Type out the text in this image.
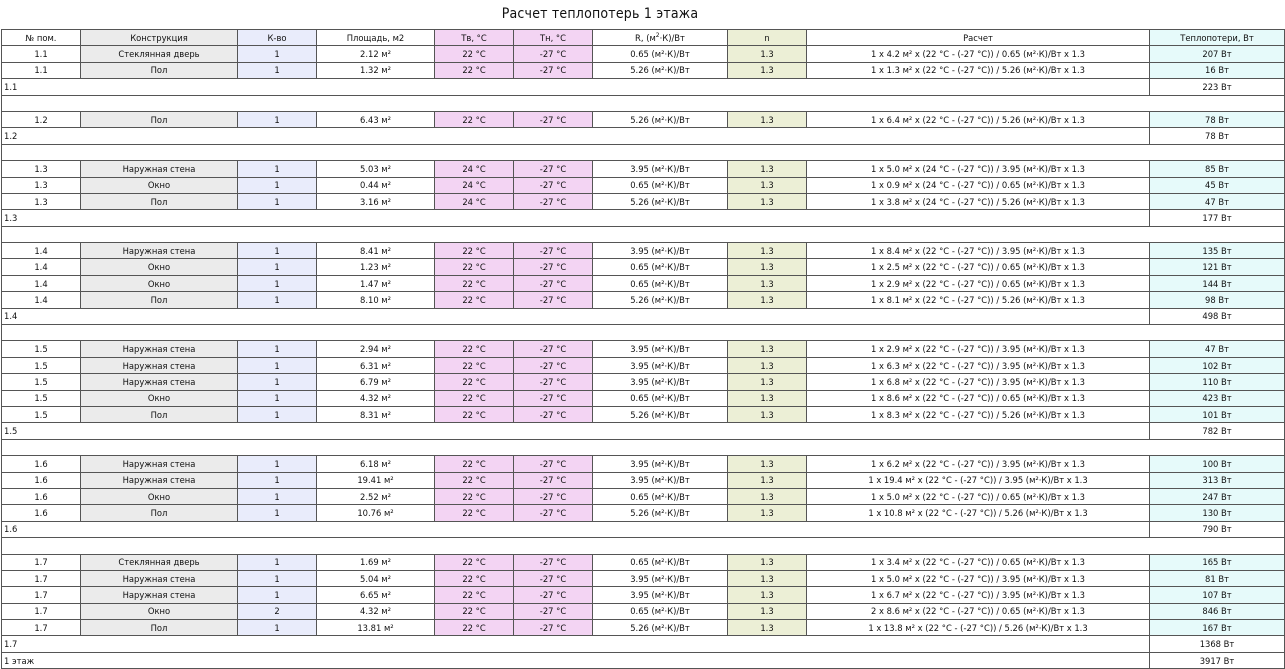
Расчет теплопотерь 1 этажа
№ пом.	Конструкция	К-во	Площадь, м2	Тв, °С	Тн, °С	R, $(м^2\cdot К)/Вт$	n	Расчет	Теплопотери, Вт
1.1	Стеклянная дверь	1	2.12 м²	22 °С	-27 °С	0.65 (м²·К)/Вт	1.3	1 x 4.2 м² x (22 °С - (-27 °С)) / 0.65 (м²·К)/Вт x 1.3	207 Вт
1.1	Пол	1	1.32 м²	22 °С	-27 °С	5.26 (м²·К)/Вт	1.3	1 x 1.3 м² x (22 °С - (-27 °С)) / 5.26 (м²·К)/Вт x 1.3	16 Вт
1.1									223 Вт

1.2	Пол	1	6.43 м²	22 °С	-27 °С	5.26 (м²·К)/Вт	1.3	1 x 6.4 м² x (22 °С - (-27 °С)) / 5.26 (м²·К)/Вт x 1.3	78 Вт
1.2									78 Вт

1.3	Наружная стена	1	5.03 м²	24 °С	-27 °С	3.95 (м²·К)/Вт	1.3	1 x 5.0 м² x (24 °С - (-27 °С)) / 3.95 (м²·К)/Вт x 1.3	85 Вт
1.3	Окно	1	0.44 м²	24 °С	-27 °С	0.65 (м²·К)/Вт	1.3	1 x 0.9 м² x (24 °С - (-27 °С)) / 0.65 (м²·К)/Вт x 1.3	45 Вт
1.3	Пол	1	3.16 м²	24 °С	-27 °С	5.26 (м²·К)/Вт	1.3	1 x 3.8 м² x (24 °С - (-27 °С)) / 5.26 (м²·К)/Вт x 1.3	47 Вт
1.3									177 Вт

1.4	Наружная стена	1	8.41 м²	22 °С	-27 °С	3.95 (м²·К)/Вт	1.3	1 x 8.4 м² x (22 °С - (-27 °С)) / 3.95 (м²·К)/Вт x 1.3	135 Вт
1.4	Окно	1	1.23 м²	22 °С	-27 °С	0.65 (м²·К)/Вт	1.3	1 x 2.5 м² x (22 °С - (-27 °С)) / 0.65 (м²·К)/Вт x 1.3	121 Вт
1.4	Окно	1	1.47 м²	22 °С	-27 °С	0.65 (м²·К)/Вт	1.3	1 x 2.9 м² x (22 °С - (-27 °С)) / 0.65 (м²·К)/Вт x 1.3	144 Вт
1.4	Пол	1	8.10 м²	22 °С	-27 °С	5.26 (м²·К)/Вт	1.3	1 x 8.1 м² x (22 °С - (-27 °С)) / 5.26 (м²·К)/Вт x 1.3	98 Вт
1.4									498 Вт

1.5	Наружная стена	1	2.94 м²	22 °С	-27 °С	3.95 (м²·К)/Вт	1.3	1 x 2.9 м² x (22 °С - (-27 °С)) / 3.95 (м²·К)/Вт x 1.3	47 Вт
1.5	Наружная стена	1	6.31 м²	22 °С	-27 °С	3.95 (м²·К)/Вт	1.3	1 x 6.3 м² x (22 °С - (-27 °С)) / 3.95 (м²·К)/Вт x 1.3	102 Вт
1.5	Наружная стена	1	6.79 м²	22 °С	-27 °С	3.95 (м²·К)/Вт	1.3	1 x 6.8 м² x (22 °С - (-27 °С)) / 3.95 (м²·К)/Вт x 1.3	110 Вт
1.5	Окно	1	4.32 м²	22 °С	-27 °С	0.65 (м²·К)/Вт	1.3	1 x 8.6 м² x (22 °С - (-27 °С)) / 0.65 (м²·К)/Вт x 1.3	423 Вт
1.5	Пол	1	8.31 м²	22 °С	-27 °С	5.26 (м²·К)/Вт	1.3	1 x 8.3 м² x (22 °С - (-27 °С)) / 5.26 (м²·К)/Вт x 1.3	101 Вт
1.5									782 Вт

1.6	Наружная стена	1	6.18 м²	22 °С	-27 °С	3.95 (м²·К)/Вт	1.3	1 x 6.2 м² x (22 °С - (-27 °С)) / 3.95 (м²·К)/Вт x 1.3	100 Вт
1.6	Наружная стена	1	19.41 м²	22 °С	-27 °С	3.95 (м²·К)/Вт	1.3	1 x 19.4 м² x (22 °С - (-27 °С)) / 3.95 (м²·К)/Вт x 1.3	313 Вт
1.6	Окно	1	2.52 м²	22 °С	-27 °С	0.65 (м²·К)/Вт	1.3	1 x 5.0 м² x (22 °С - (-27 °С)) / 0.65 (м²·К)/Вт x 1.3	247 Вт
1.6	Пол	1	10.76 м²	22 °С	-27 °С	5.26 (м²·К)/Вт	1.3	1 x 10.8 м² x (22 °С - (-27 °С)) / 5.26 (м²·К)/Вт x 1.3	130 Вт
1.6									790 Вт

1.7	Стеклянная дверь	1	1.69 м²	22 °С	-27 °С	0.65 (м²·К)/Вт	1.3	1 x 3.4 м² x (22 °С - (-27 °С)) / 0.65 (м²·К)/Вт x 1.3	165 Вт
1.7	Наружная стена	1	5.04 м²	22 °С	-27 °С	3.95 (м²·К)/Вт	1.3	1 x 5.0 м² x (22 °С - (-27 °С)) / 3.95 (м²·К)/Вт x 1.3	81 Вт
1.7	Наружная стена	1	6.65 м²	22 °С	-27 °С	3.95 (м²·К)/Вт	1.3	1 x 6.7 м² x (22 °С - (-27 °С)) / 3.95 (м²·К)/Вт x 1.3	107 Вт
1.7	Окно	2	4.32 м²	22 °С	-27 °С	0.65 (м²·К)/Вт	1.3	2 x 8.6 м² x (22 °С - (-27 °С)) / 0.65 (м²·К)/Вт x 1.3	846 Вт
1.7	Пол	1	13.81 м²	22 °С	-27 °С	5.26 (м²·К)/Вт	1.3	1 x 13.8 м² x (22 °С - (-27 °С)) / 5.26 (м²·К)/Вт x 1.3	167 Вт
1.7									1368 Вт
1 этаж									3917 Вт
